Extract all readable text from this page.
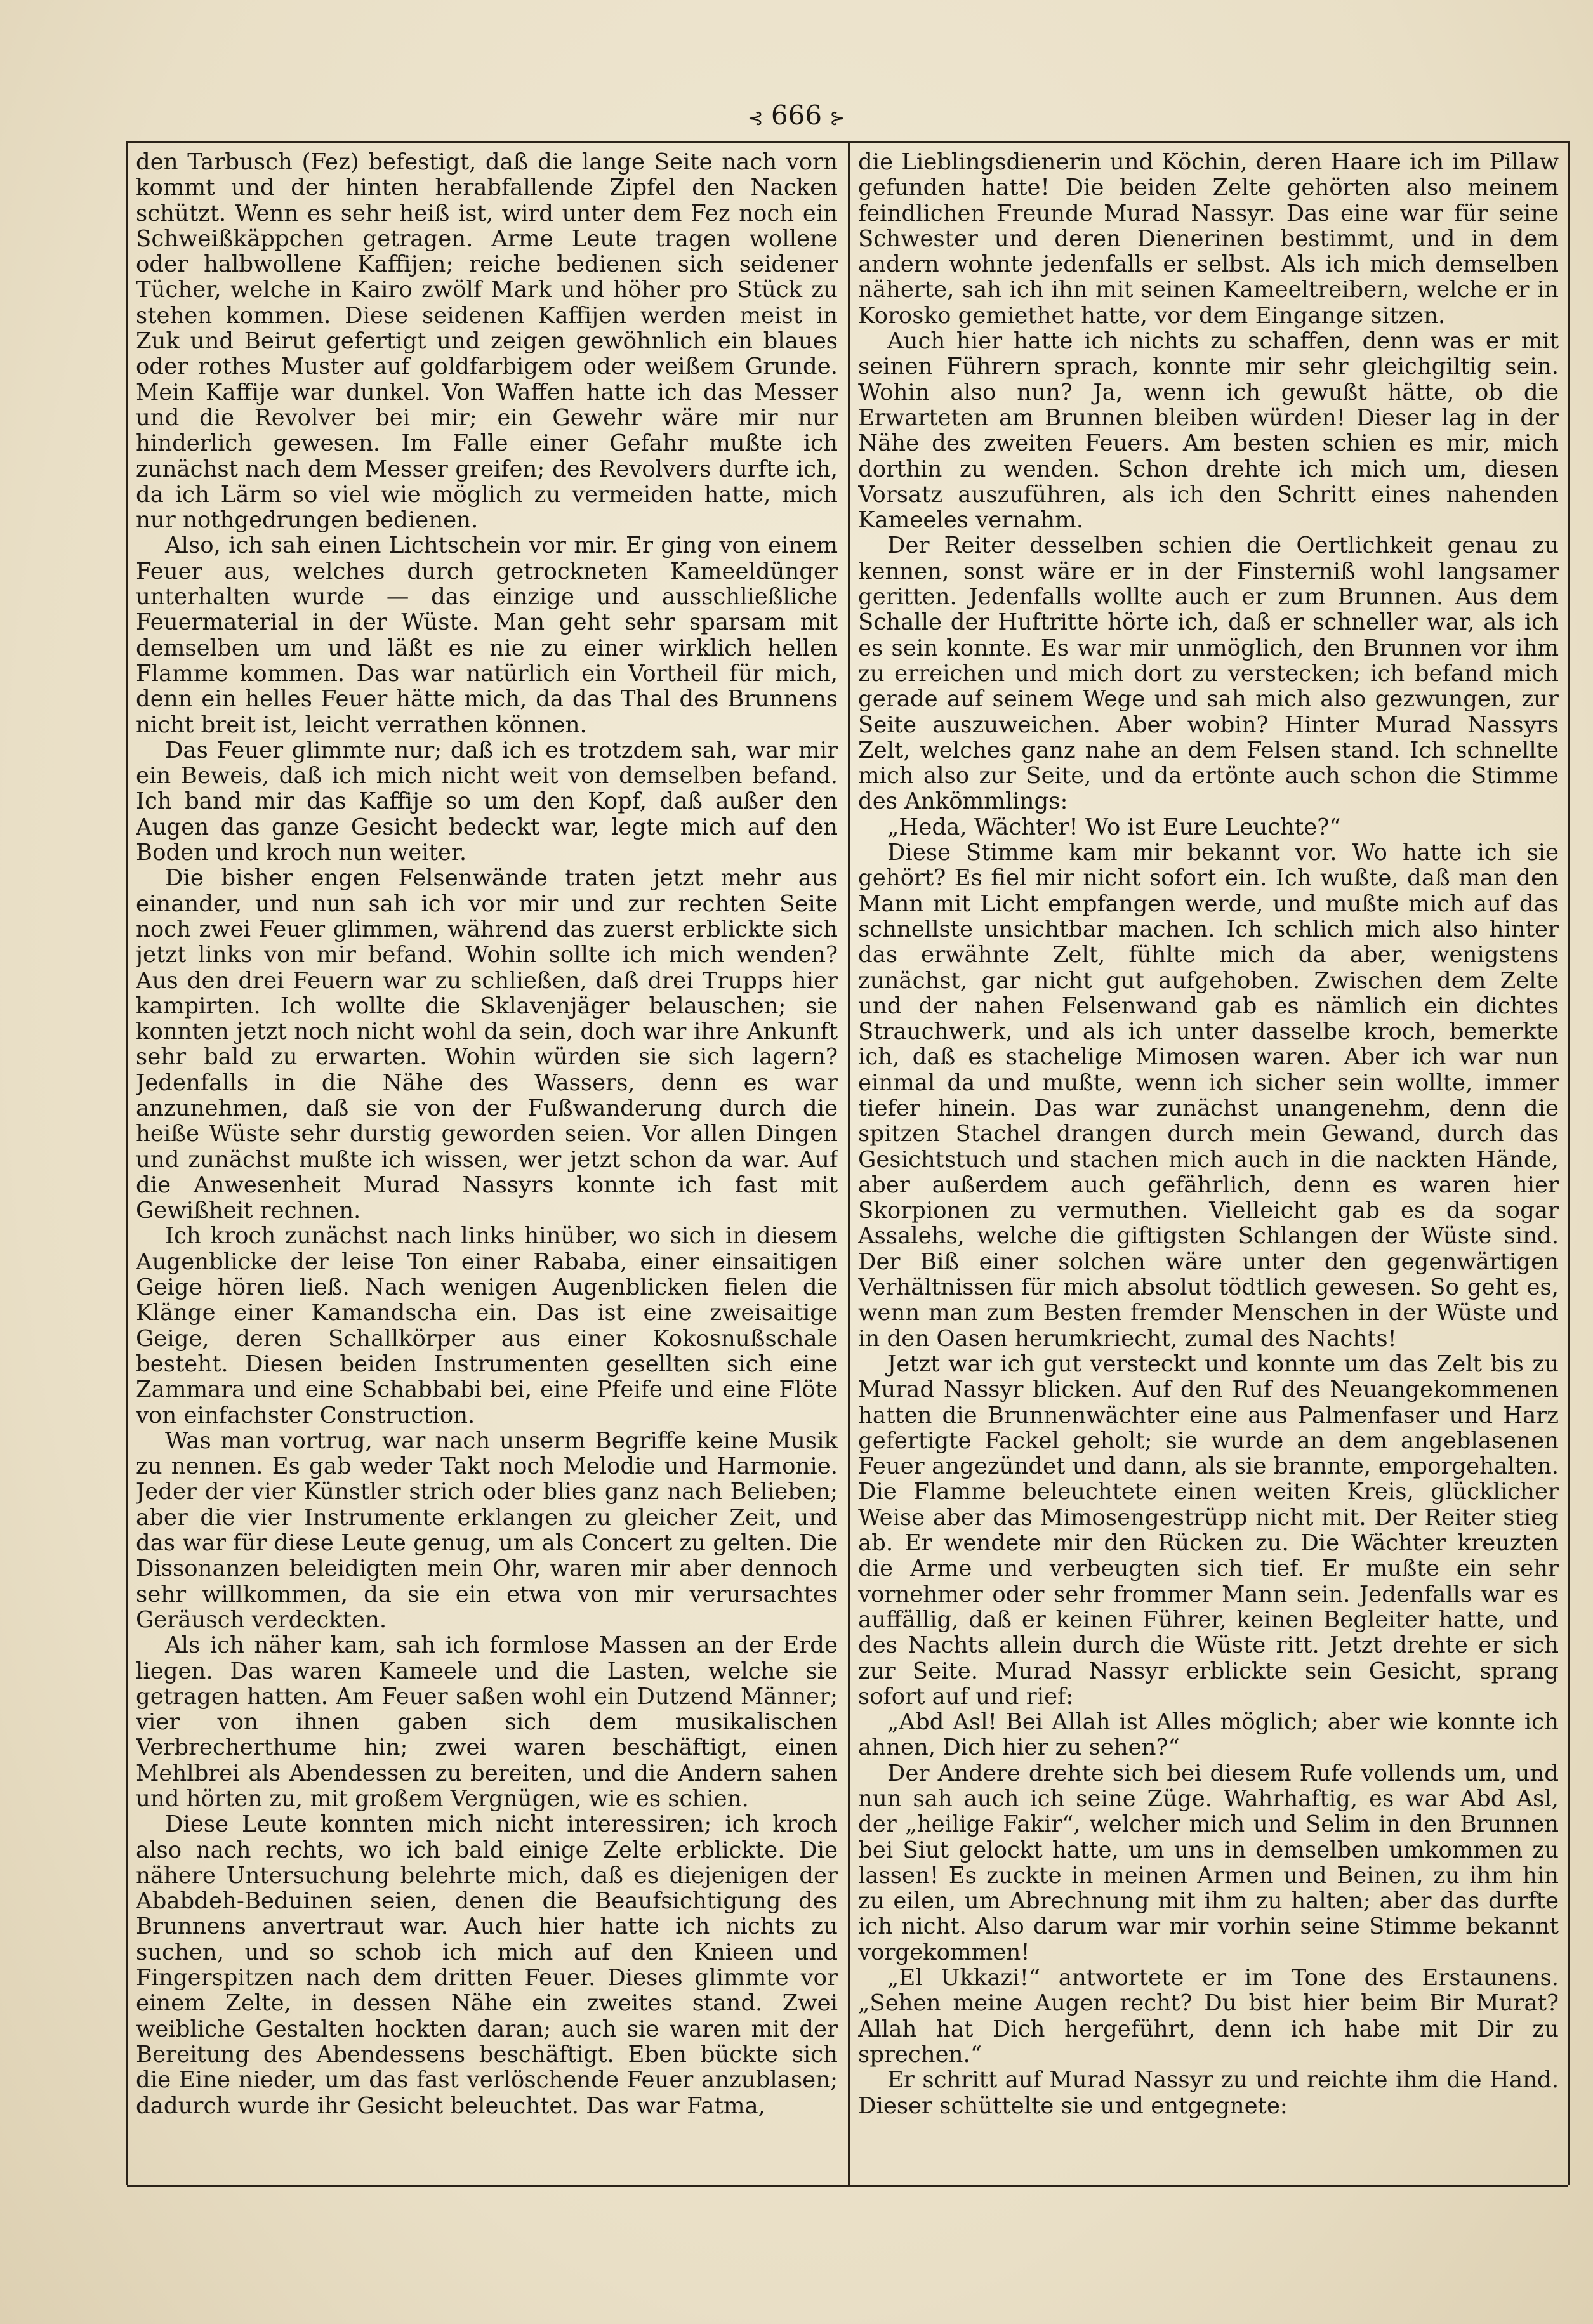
⊰ 666 ⊱

den Tarbusch (Fez) befestigt, daß die lange Seite nach vorn kommt und der hinten herabfallende Zipfel den Nacken schützt. Wenn es sehr heiß ist, wird unter dem Fez noch ein Schweißkäppchen getragen. Arme Leute tragen wollene oder halbwollene Kaffijen; reiche bedienen sich seidener Tücher, welche in Kairo zwölf Mark und höher pro Stück zu stehen kommen. Diese seidenen Kaffijen werden meist in Zuk und Beirut gefertigt und zeigen gewöhnlich ein blaues oder rothes Muster auf goldfarbigem oder weißem Grunde. Mein Kaffije war dunkel. Von Waffen hatte ich das Messer und die Revolver bei mir; ein Gewehr wäre mir nur hinderlich gewesen. Im Falle einer Gefahr mußte ich zunächst nach dem Messer greifen; des Revolvers durfte ich, da ich Lärm so viel wie möglich zu vermeiden hatte, mich nur nothgedrungen bedienen.

Also, ich sah einen Lichtschein vor mir. Er ging von einem Feuer aus, welches durch getrockneten Kameeldünger unterhalten wurde — das einzige und ausschließliche Feuermaterial in der Wüste. Man geht sehr sparsam mit demselben um und läßt es nie zu einer wirklich hellen Flamme kommen. Das war natürlich ein Vortheil für mich, denn ein helles Feuer hätte mich, da das Thal des Brunnens nicht breit ist, leicht verrathen können.

Das Feuer glimmte nur; daß ich es trotzdem sah, war mir ein Beweis, daß ich mich nicht weit von demselben befand. Ich band mir das Kaffije so um den Kopf, daß außer den Augen das ganze Gesicht bedeckt war, legte mich auf den Boden und kroch nun weiter.

Die bisher engen Felsenwände traten jetzt mehr aus einander, und nun sah ich vor mir und zur rechten Seite noch zwei Feuer glimmen, während das zuerst erblickte sich jetzt links von mir befand. Wohin sollte ich mich wenden? Aus den drei Feuern war zu schließen, daß drei Trupps hier kampirten. Ich wollte die Sklavenjäger belauschen; sie konnten jetzt noch nicht wohl da sein, doch war ihre Ankunft sehr bald zu erwarten. Wohin würden sie sich lagern? Jedenfalls in die Nähe des Wassers, denn es war anzunehmen, daß sie von der Fußwanderung durch die heiße Wüste sehr durstig geworden seien. Vor allen Dingen und zunächst mußte ich wissen, wer jetzt schon da war. Auf die Anwesenheit Murad Nassyrs konnte ich fast mit Gewißheit rechnen.

Ich kroch zunächst nach links hinüber, wo sich in diesem Augenblicke der leise Ton einer Rababa, einer einsaitigen Geige hören ließ. Nach wenigen Augenblicken fielen die Klänge einer Kamandscha ein. Das ist eine zweisaitige Geige, deren Schallkörper aus einer Kokosnußschale besteht. Diesen beiden Instrumenten gesellten sich eine Zammara und eine Schabbabi bei, eine Pfeife und eine Flöte von einfachster Construction.

Was man vortrug, war nach unserm Begriffe keine Musik zu nennen. Es gab weder Takt noch Melodie und Harmonie. Jeder der vier Künstler strich oder blies ganz nach Belieben; aber die vier Instrumente erklangen zu gleicher Zeit, und das war für diese Leute genug, um als Concert zu gelten. Die Dissonanzen beleidigten mein Ohr, waren mir aber dennoch sehr willkommen, da sie ein etwa von mir verursachtes Geräusch verdeckten.

Als ich näher kam, sah ich formlose Massen an der Erde liegen. Das waren Kameele und die Lasten, welche sie getragen hatten. Am Feuer saßen wohl ein Dutzend Männer; vier von ihnen gaben sich dem musikalischen Verbrecherthume hin; zwei waren beschäftigt, einen Mehlbrei als Abendessen zu bereiten, und die Andern sahen und hörten zu, mit großem Vergnügen, wie es schien.

Diese Leute konnten mich nicht interessiren; ich kroch also nach rechts, wo ich bald einige Zelte erblickte. Die nähere Untersuchung belehrte mich, daß es diejenigen der Ababdeh-Beduinen seien, denen die Beaufsichtigung des Brunnens anvertraut war. Auch hier hatte ich nichts zu suchen, und so schob ich mich auf den Knieen und Fingerspitzen nach dem dritten Feuer. Dieses glimmte vor einem Zelte, in dessen Nähe ein zweites stand. Zwei weibliche Gestalten hockten daran; auch sie waren mit der Bereitung des Abendessens beschäftigt. Eben bückte sich die Eine nieder, um das fast verlöschende Feuer anzublasen; dadurch wurde ihr Gesicht beleuchtet. Das war Fatma,

die Lieblingsdienerin und Köchin, deren Haare ich im Pillaw gefunden hatte! Die beiden Zelte gehörten also meinem feindlichen Freunde Murad Nassyr. Das eine war für seine Schwester und deren Dienerinen bestimmt, und in dem andern wohnte jedenfalls er selbst. Als ich mich demselben näherte, sah ich ihn mit seinen Kameeltreibern, welche er in Korosko gemiethet hatte, vor dem Eingange sitzen.

Auch hier hatte ich nichts zu schaffen, denn was er mit seinen Führern sprach, konnte mir sehr gleichgiltig sein. Wohin also nun? Ja, wenn ich gewußt hätte, ob die Erwarteten am Brunnen bleiben würden! Dieser lag in der Nähe des zweiten Feuers. Am besten schien es mir, mich dorthin zu wenden. Schon drehte ich mich um, diesen Vorsatz auszuführen, als ich den Schritt eines nahenden Kameeles vernahm.

Der Reiter desselben schien die Oertlichkeit genau zu kennen, sonst wäre er in der Finsterniß wohl langsamer geritten. Jedenfalls wollte auch er zum Brunnen. Aus dem Schalle der Huftritte hörte ich, daß er schneller war, als ich es sein konnte. Es war mir unmöglich, den Brunnen vor ihm zu erreichen und mich dort zu verstecken; ich befand mich gerade auf seinem Wege und sah mich also gezwungen, zur Seite auszuweichen. Aber wobin? Hinter Murad Nassyrs Zelt, welches ganz nahe an dem Felsen stand. Ich schnellte mich also zur Seite, und da ertönte auch schon die Stimme des Ankömmlings:

„Heda, Wächter! Wo ist Eure Leuchte?“

Diese Stimme kam mir bekannt vor. Wo hatte ich sie gehört? Es fiel mir nicht sofort ein. Ich wußte, daß man den Mann mit Licht empfangen werde, und mußte mich auf das schnellste unsichtbar machen. Ich schlich mich also hinter das erwähnte Zelt, fühlte mich da aber, wenigstens zunächst, gar nicht gut aufgehoben. Zwischen dem Zelte und der nahen Felsenwand gab es nämlich ein dichtes Strauchwerk, und als ich unter dasselbe kroch, bemerkte ich, daß es stachelige Mimosen waren. Aber ich war nun einmal da und mußte, wenn ich sicher sein wollte, immer tiefer hinein. Das war zunächst unangenehm, denn die spitzen Stachel drangen durch mein Gewand, durch das Gesichtstuch und stachen mich auch in die nackten Hände, aber außerdem auch gefährlich, denn es waren hier Skorpionen zu vermuthen. Vielleicht gab es da sogar Assalehs, welche die giftigsten Schlangen der Wüste sind. Der Biß einer solchen wäre unter den gegenwärtigen Verhältnissen für mich absolut tödtlich gewesen. So geht es, wenn man zum Besten fremder Menschen in der Wüste und in den Oasen herumkriecht, zumal des Nachts!

Jetzt war ich gut versteckt und konnte um das Zelt bis zu Murad Nassyr blicken. Auf den Ruf des Neuangekommenen hatten die Brunnenwächter eine aus Palmenfaser und Harz gefertigte Fackel geholt; sie wurde an dem angeblasenen Feuer angezündet und dann, als sie brannte, emporgehalten. Die Flamme beleuchtete einen weiten Kreis, glücklicher Weise aber das Mimosengestrüpp nicht mit. Der Reiter stieg ab. Er wendete mir den Rücken zu. Die Wächter kreuzten die Arme und verbeugten sich tief. Er mußte ein sehr vornehmer oder sehr frommer Mann sein. Jedenfalls war es auffällig, daß er keinen Führer, keinen Begleiter hatte, und des Nachts allein durch die Wüste ritt. Jetzt drehte er sich zur Seite. Murad Nassyr erblickte sein Gesicht, sprang sofort auf und rief:

„Abd Asl! Bei Allah ist Alles möglich; aber wie konnte ich ahnen, Dich hier zu sehen?“

Der Andere drehte sich bei diesem Rufe vollends um, und nun sah auch ich seine Züge. Wahrhaftig, es war Abd Asl, der „heilige Fakir“, welcher mich und Selim in den Brunnen bei Siut gelockt hatte, um uns in demselben umkommen zu lassen! Es zuckte in meinen Armen und Beinen, zu ihm hin zu eilen, um Abrechnung mit ihm zu halten; aber das durfte ich nicht. Also darum war mir vorhin seine Stimme bekannt vorgekommen!

„El Ukkazi!“ antwortete er im Tone des Erstaunens. „Sehen meine Augen recht? Du bist hier beim Bir Murat? Allah hat Dich hergeführt, denn ich habe mit Dir zu sprechen.“

Er schritt auf Murad Nassyr zu und reichte ihm die Hand. Dieser schüttelte sie und entgegnete:
